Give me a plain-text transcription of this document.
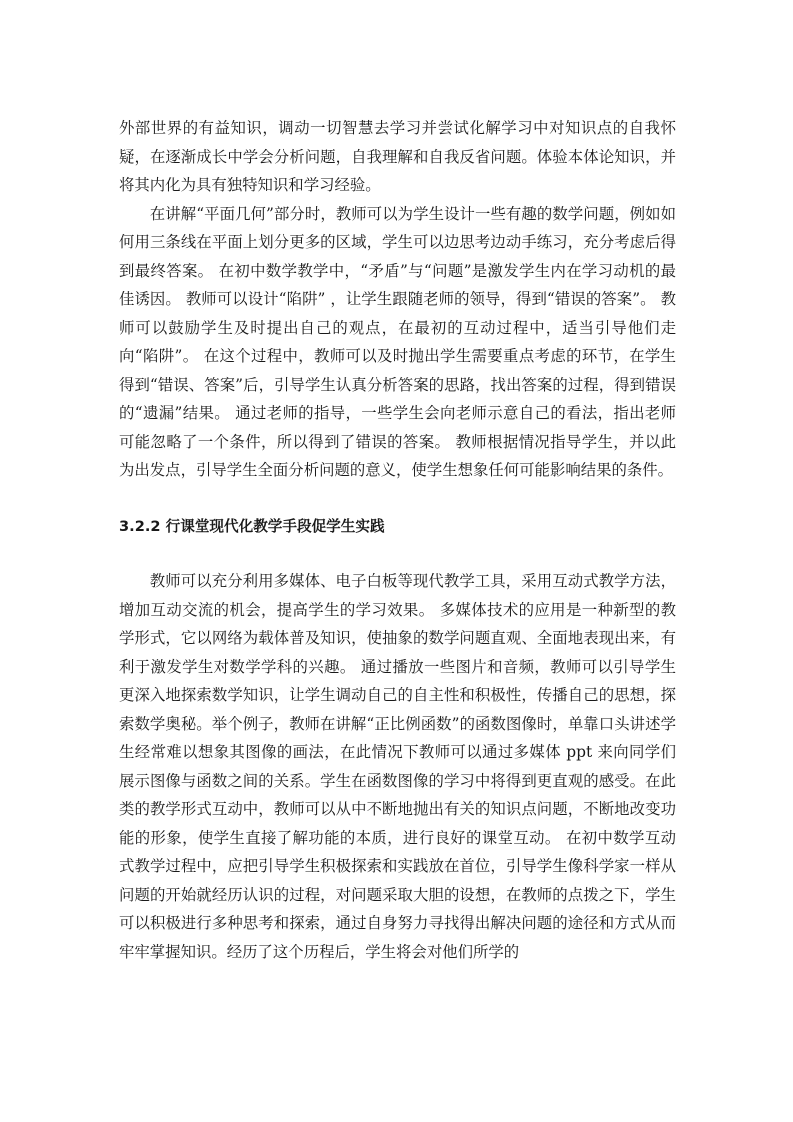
外部世界的有益知识，调动一切智慧去学习并尝试化解学习中对知识点的自我怀疑，在逐渐成长中学会分析问题，自我理解和自我反省问题。体验本体论知识，并将其内化为具有独特知识和学习经验。

在讲解“平面几何”部分时，教师可以为学生设计一些有趣的数学问题，例如如何用三条线在平面上划分更多的区域，学生可以边思考边动手练习，充分考虑后得到最终答案。 在初中数学教学中，“矛盾”与“问题”是激发学生内在学习动机的最佳诱因。 教师可以设计“陷阱” ，让学生跟随老师的领导，得到“错误的答案”。 教师可以鼓励学生及时提出自己的观点，在最初的互动过程中，适当引导他们走向“陷阱”。 在这个过程中，教师可以及时抛出学生需要重点考虑的环节，在学生得到“错误、答案”后，引导学生认真分析答案的思路，找出答案的过程，得到错误的“遗漏”结果。 通过老师的指导，一些学生会向老师示意自己的看法，指出老师可能忽略了一个条件，所以得到了错误的答案。 教师根据情况指导学生，并以此为出发点，引导学生全面分析问题的意义，使学生想象任何可能影响结果的条件。

3.2.2 行课堂现代化教学手段促学生实践

教师可以充分利用多媒体、电子白板等现代教学工具，采用互动式教学方法，增加互动交流的机会，提高学生的学习效果。 多媒体技术的应用是一种新型的教学形式，它以网络为载体普及知识，使抽象的数学问题直观、全面地表现出来，有利于激发学生对数学学科的兴趣。 通过播放一些图片和音频，教师可以引导学生更深入地探索数学知识，让学生调动自己的自主性和积极性，传播自己的思想，探索数学奥秘。举个例子，教师在讲解“正比例函数”的函数图像时，单靠口头讲述学生经常难以想象其图像的画法，在此情况下教师可以通过多媒体 ppt 来向同学们展示图像与函数之间的关系。学生在函数图像的学习中将得到更直观的感受。在此类的教学形式互动中，教师可以从中不断地抛出有关的知识点问题，不断地改变功能的形象，使学生直接了解功能的本质，进行良好的课堂互动。 在初中数学互动式教学过程中，应把引导学生积极探索和实践放在首位，引导学生像科学家一样从问题的开始就经历认识的过程，对问题采取大胆的设想，在教师的点拨之下，学生可以积极进行多种思考和探索，通过自身努力寻找得出解决问题的途径和方式从而牢牢掌握知识。经历了这个历程后，学生将会对他们所学的
